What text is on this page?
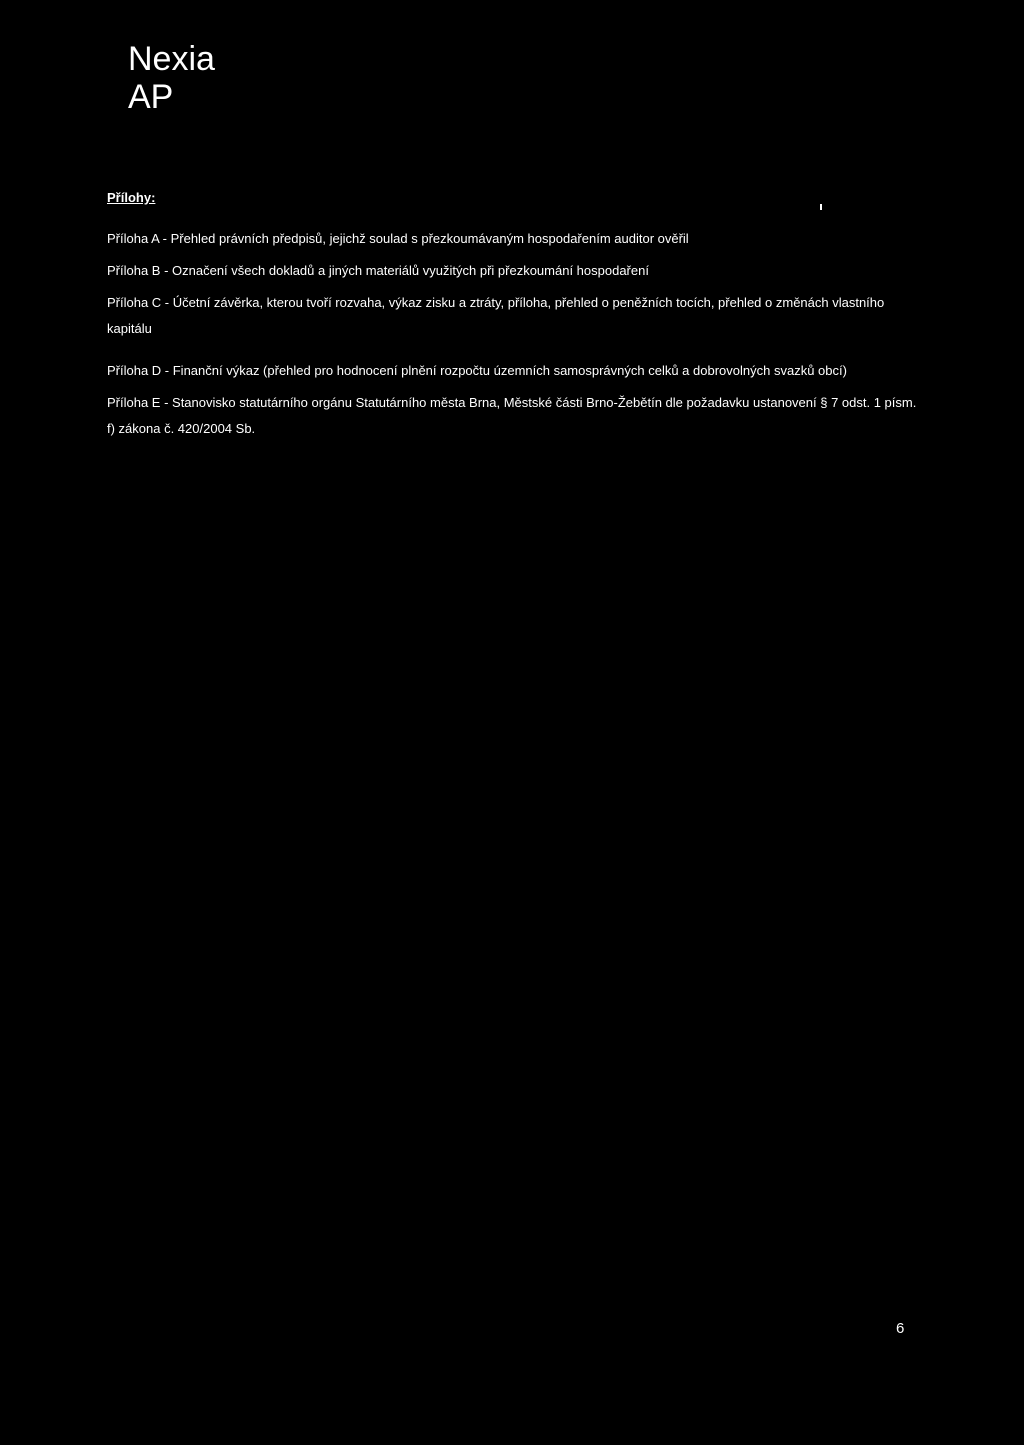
Nexia
AP
Přílohy:
Příloha A - Přehled právních předpisů, jejichž soulad s přezkoumávaným hospodařením auditor ověřil
Příloha B - Označení všech dokladů a jiných materiálů využitých při přezkoumání hospodaření
Příloha C - Účetní závěrka, kterou tvoří rozvaha, výkaz zisku a ztráty, příloha, přehled o peněžních tocích, přehled o změnách vlastního kapitálu
Příloha D - Finanční výkaz (přehled pro hodnocení plnění rozpočtu územních samosprávných celků a dobrovolných svazků obcí)
Příloha E - Stanovisko statutárního orgánu Statutárního města Brna, Městské části Brno-Žebětín dle požadavku ustanovení § 7 odst. 1 písm. f) zákona č. 420/2004 Sb.
6
